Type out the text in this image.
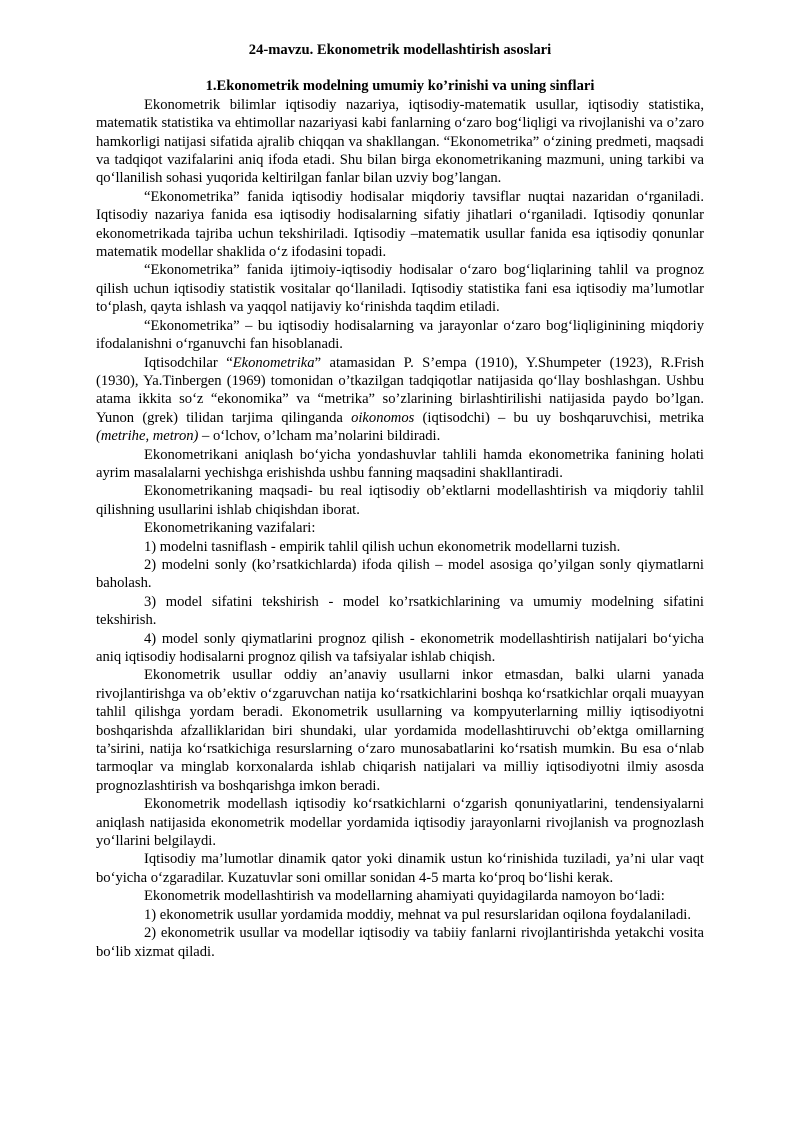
24-mavzu. Ekonometrik modellashtirish asoslari
1.Ekonometrik modelning umumiy ko’rinishi va uning sinflari

Ekonometrik bilimlar iqtisodiy nazariya, iqtisodiy-matematik usullar, iqtisodiy statistika, matematik statistika va ehtimollar nazariyasi kabi fanlarning o‘zaro bog‘liqligi va rivojlanishi va o’zaro hamkorligi natijasi sifatida ajralib chiqqan va shakllangan. “Ekonometrika” o‘zining predmeti, maqsadi va tadqiqot vazifalarini aniq ifoda etadi. Shu bilan birga ekonometrikaning mazmuni, uning tarkibi va qo‘llanilish sohasi yuqorida keltirilgan fanlar bilan uzviy bog’langan.

“Ekonometrika” fanida iqtisodiy hodisalar miqdoriy tavsiflar nuqtai nazaridan o‘rganiladi. Iqtisodiy nazariya fanida esa iqtisodiy hodisalarning sifatiy jihatlari o‘rganiladi. Iqtisodiy qonunlar ekonometrikada tajriba uchun tekshiriladi. Iqtisodiy –matematik usullar fanida esa iqtisodiy qonunlar matematik modellar shaklida o‘z ifodasini topadi.

“Ekonometrika” fanida ijtimoiy-iqtisodiy hodisalar o‘zaro bog‘liqlarining tahlil va prognoz qilish uchun iqtisodiy statistik vositalar qo‘llaniladi. Iqtisodiy statistika fani esa iqtisodiy ma’lumotlar to‘plash, qayta ishlash va yaqqol natijaviy ko‘rinishda taqdim etiladi.

“Ekonometrika” – bu iqtisodiy hodisalarning va jarayonlar o‘zaro bog‘liqliginining miqdoriy ifodalanishni o‘rganuvchi fan hisoblanadi.

Iqtisodchilar “Ekonometrika” atamasidan P. S’empa (1910), Y.Shumpeter (1923), R.Frish (1930), Ya.Tinbergen (1969) tomonidan o’tkazilgan tadqiqotlar natijasida qo‘llay boshlashgan. Ushbu atama ikkita so‘z “ekonomika” va “metrika” so’zlarining birlashtirilishi natijasida paydo bo’lgan. Yunon (grek) tilidan tarjima qilinganda oikonomos (iqtisodchi) – bu uy boshqaruvchisi, metrika (metrihe, metron) – o‘lchov, o’lcham ma’nolarini bildiradi.

Ekonometrikani aniqlash bo‘yicha yondashuvlar tahlili hamda ekonometrika fanining holati ayrim masalalarni yechishga erishishda ushbu fanning maqsadini shakllantiradi.

Ekonometrikaning maqsadi- bu real iqtisodiy ob’ektlarni modellashtirish va miqdoriy tahlil qilishning usullarini ishlab chiqishdan iborat.

Ekonometrikaning vazifalari:

1) modelni tasniflash - empirik tahlil qilish uchun ekonometrik modellarni tuzish.

2) modelni sonly (ko’rsatkichlarda) ifoda qilish – model asosiga qo’yilgan sonly qiymatlarni baholash.

3) model sifatini tekshirish - model ko’rsatkichlarining va umumiy modelning sifatini tekshirish.

4) model sonly qiymatlarini prognoz qilish - ekonometrik modellashtirish natijalari bo‘yicha aniq iqtisodiy hodisalarni prognoz qilish va tafsiyalar ishlab chiqish.

Ekonometrik usullar oddiy an’anaviy usullarni inkor etmasdan, balki ularni yanada rivojlantirishga va ob’ektiv o‘zgaruvchan natija ko‘rsatkichlarini boshqa ko‘rsatkichlar orqali muayyan tahlil qilishga yordam beradi. Ekonometrik usullarning va kompyuterlarning milliy iqtisodiyotni boshqarishda afzalliklaridan biri shundaki, ular yordamida modellashtiruvchi ob’ektga omillarning ta’sirini, natija ko‘rsatkichiga resurslarning o‘zaro munosabatlarini ko‘rsatish mumkin. Bu esa o‘nlab tarmoqlar va minglab korxonalarda ishlab chiqarish natijalari va milliy iqtisodiyotni ilmiy asosda prognozlashtirish va boshqarishga imkon beradi.

Ekonometrik modellash iqtisodiy ko‘rsatkichlarni o‘zgarish qonuniyatlarini, tendensiyalarni aniqlash natijasida ekonometrik modellar yordamida iqtisodiy jarayonlarni rivojlanish va prognozlash yo‘llarini belgilaydi.

Iqtisodiy ma’lumotlar dinamik qator yoki dinamik ustun ko‘rinishida tuziladi, ya’ni ular vaqt bo‘yicha o‘zgaradilar. Kuzatuvlar soni omillar sonidan 4-5 marta ko‘proq bo‘lishi kerak.

Ekonometrik modellashtirish va modellarning ahamiyati quyidagilarda namoyon bo‘ladi:

1) ekonometrik usullar yordamida moddiy, mehnat va pul resurslaridan oqilona foydalaniladi.

2) ekonometrik usullar va modellar iqtisodiy va tabiiy fanlarni rivojlantirishda yetakchi vosita bo‘lib xizmat qiladi.
